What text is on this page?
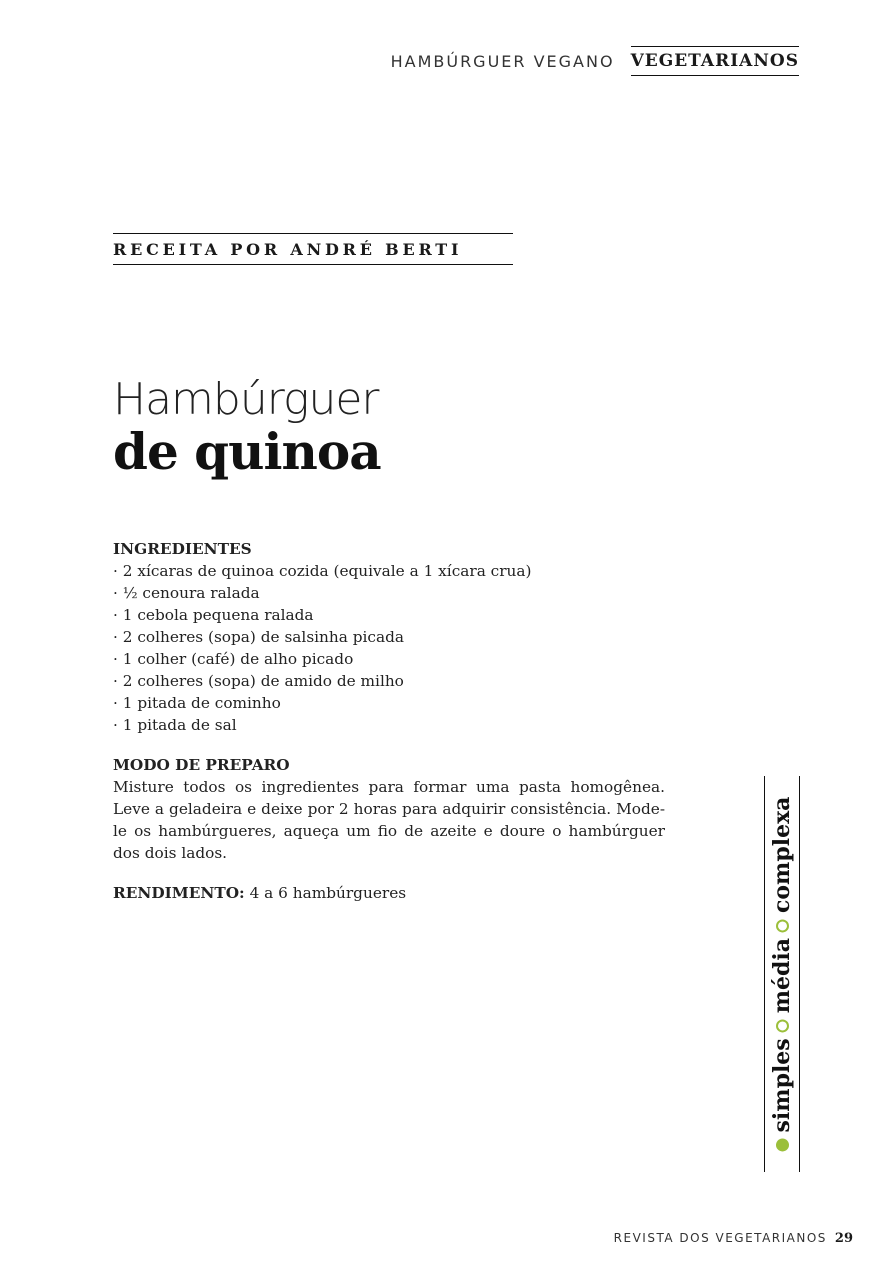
HAMBÚRGUER VEGANO VEGETARIANOS
RECEITA POR ANDRÉ BERTI
Hambúrguer
de quinoa
INGREDIENTES
· 2 xícaras de quinoa cozida (equivale a 1 xícara crua)
· ½ cenoura ralada
· 1 cebola pequena ralada
· 2 colheres (sopa) de salsinha picada
· 1 colher (café) de alho picado
· 2 colheres (sopa) de amido de milho
· 1 pitada de cominho
· 1 pitada de sal
MODO DE PREPARO

Misture todos os ingredientes para formar uma pasta homogênea. Leve a geladeira e deixe por 2 horas para adquirir consistência. Modele os hambúrgueres, aqueça um fio de azeite e doure o hambúrguer dos dois lados.

RENDIMENTO: 4 a 6 hambúrgueres

simples
média
complexa
REVISTA DOS VEGETARIANOS 29
